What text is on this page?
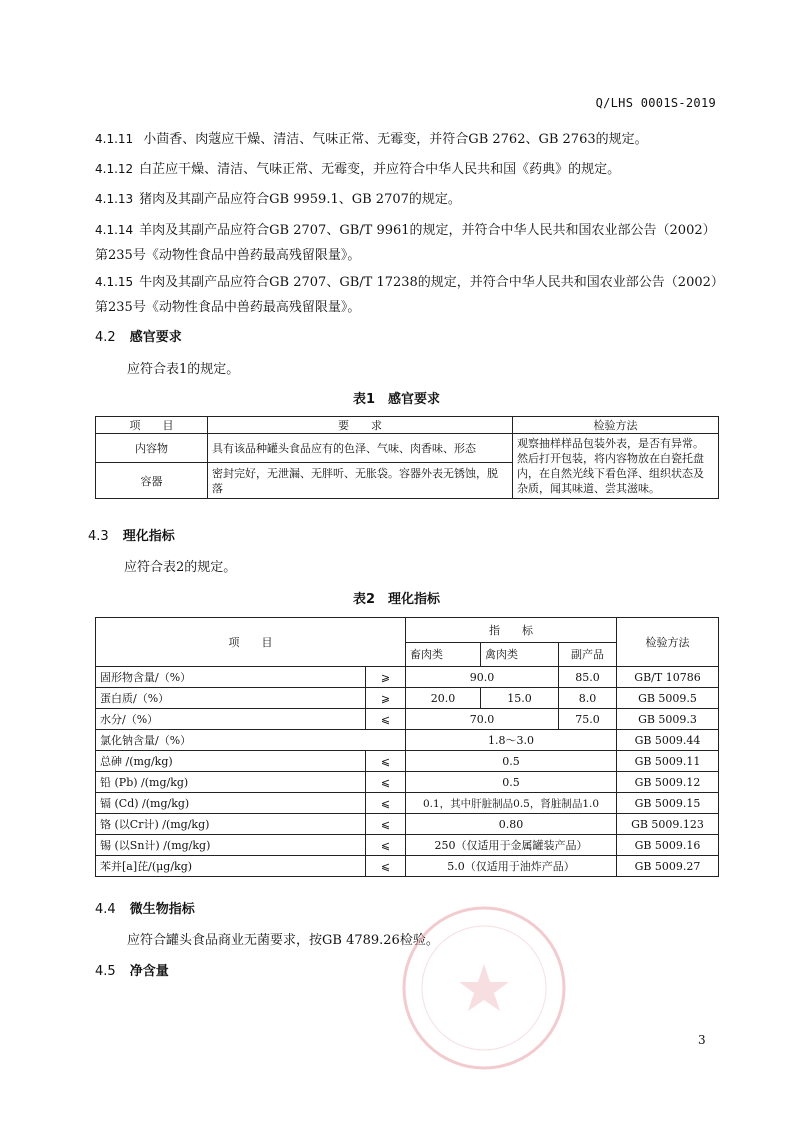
Q/LHS 0001S-2019
4.1.11 小茴香、肉蔻应干燥、清洁、气味正常、无霉变，并符合GB 2762、GB 2763的规定。
4.1.12 白芷应干燥、清洁、气味正常、无霉变，并应符合中华人民共和国《药典》的规定。
4.1.13 猪肉及其副产品应符合GB 9959.1、GB 2707的规定。
4.1.14 羊肉及其副产品应符合GB 2707、GB/T 9961的规定，并符合中华人民共和国农业部公告（2002）第235号《动物性食品中兽药最高残留限量》。
4.1.15 牛肉及其副产品应符合GB 2707、GB/T 17238的规定，并符合中华人民共和国农业部公告（2002）第235号《动物性食品中兽药最高残留限量》。
4.2 感官要求
应符合表1的规定。
表1　感官要求
项　　目	要　　求	检验方法
内容物	具有该品种罐头食品应有的色泽、气味、肉香味、形态	观察抽样样品包装外表，是否有异常。然后打开包装，将内容物放在白瓷托盘内，在自然光线下看色泽、组织状态及杂质，闻其味道、尝其滋味。
容器	密封完好，无泄漏、无胖听、无胀袋。容器外表无锈蚀，脱落	
4.3 理化指标
应符合表2的规定。
表2　理化指标
项　　目		指　　标			检验方法
		畜肉类	禽肉类	副产品	
固形物含量/（%）	⩾	90.0		85.0	GB/T 10786
蛋白质/（%）	⩾	20.0	15.0	8.0	GB 5009.5
水分/（%）	⩽	70.0		75.0	GB 5009.3
氯化钠含量/（%）		1.8～3.0			GB 5009.44
总砷 /(mg/kg)	⩽	0.5			GB 5009.11
铅 (Pb) /(mg/kg)	⩽	0.5			GB 5009.12
镉 (Cd) /(mg/kg)	⩽	0.1，其中肝脏制品0.5，肾脏制品1.0			GB 5009.15
铬 (以Cr计) /(mg/kg)	⩽	0.80			GB 5009.123
锡 (以Sn计) /(mg/kg)	⩽	250（仅适用于金属罐装产品）			GB 5009.16
苯并[a]芘/(μg/kg)	⩽	5.0（仅适用于油炸产品）			GB 5009.27
4.4 微生物指标
应符合罐头食品商业无菌要求，按GB 4789.26检验。
4.5 净含量
3
